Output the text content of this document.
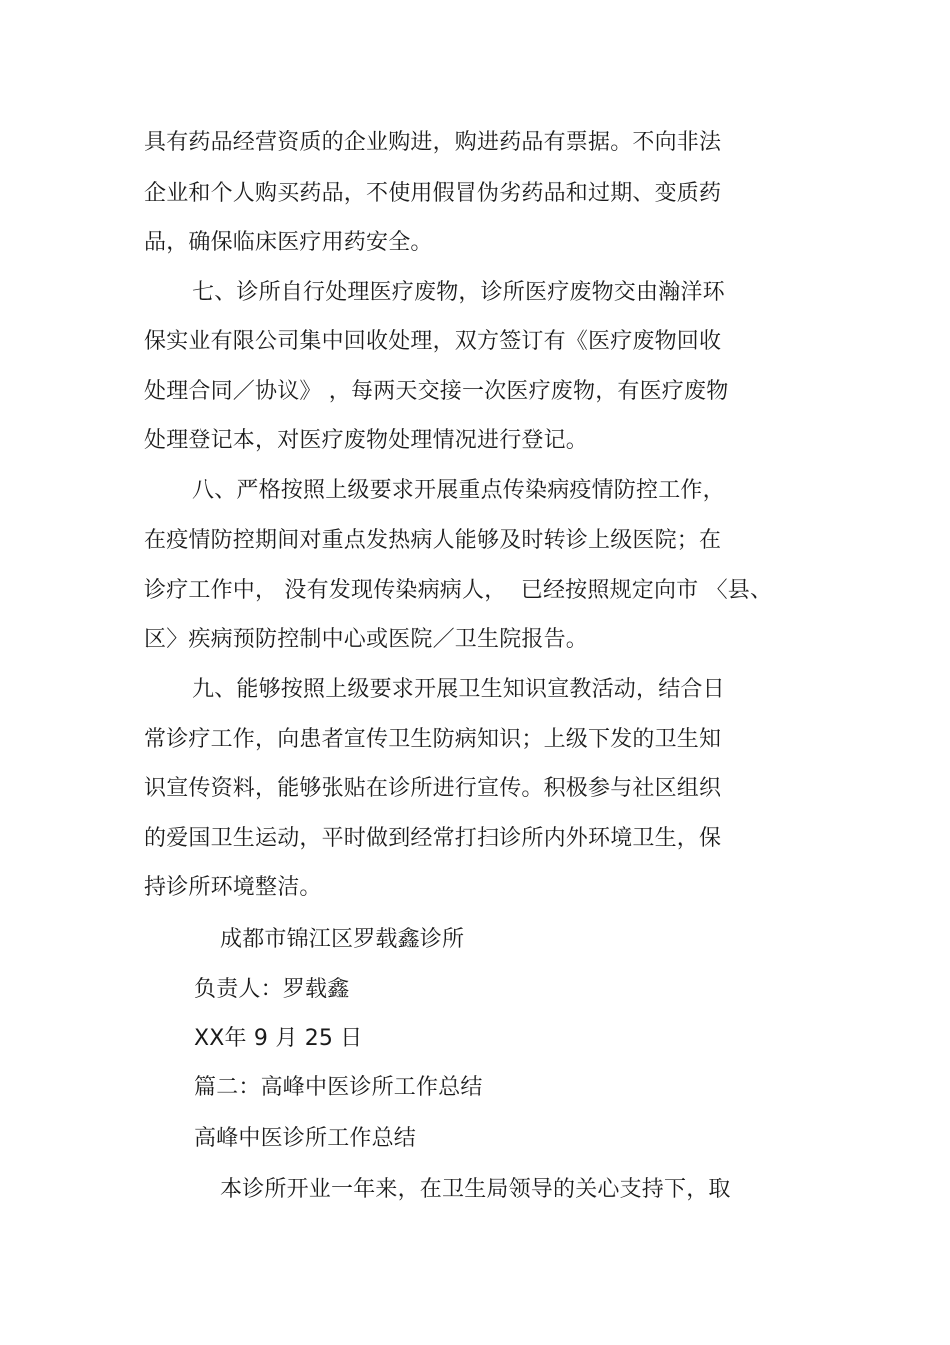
具有药品经营资质的企业购进，购进药品有票据。不向非法
企业和个人购买药品，不使用假冒伪劣药品和过期、变质药
品，确保临床医疗用药安全。
七、诊所自行处理医疗废物，诊所医疗废物交由瀚洋环
保实业有限公司集中回收处理，双方签订有《医疗废物回收
处理合同／协议》 ，每两天交接一次医疗废物，有医疗废物
处理登记本，对医疗废物处理情况进行登记。
八、严格按照上级要求开展重点传染病疫情防控工作，
在疫情防控期间对重点发热病人能够及时转诊上级医院；在
诊疗工作中， 没有发现传染病病人，  已经按照规定向市 〈县、
区〉疾病预防控制中心或医院／卫生院报告。
九、能够按照上级要求开展卫生知识宣教活动，结合日
常诊疗工作，向患者宣传卫生防病知识；上级下发的卫生知
识宣传资料，能够张贴在诊所进行宣传。积极参与社区组织
的爱国卫生运动，平时做到经常打扫诊所内外环境卫生，保
持诊所环境整洁。
成都市锦江区罗载鑫诊所
负责人：罗载鑫
XX年 9 月 25 日
篇二：高峰中医诊所工作总结
高峰中医诊所工作总结
本诊所开业一年来，在卫生局领导的关心支持下，取
